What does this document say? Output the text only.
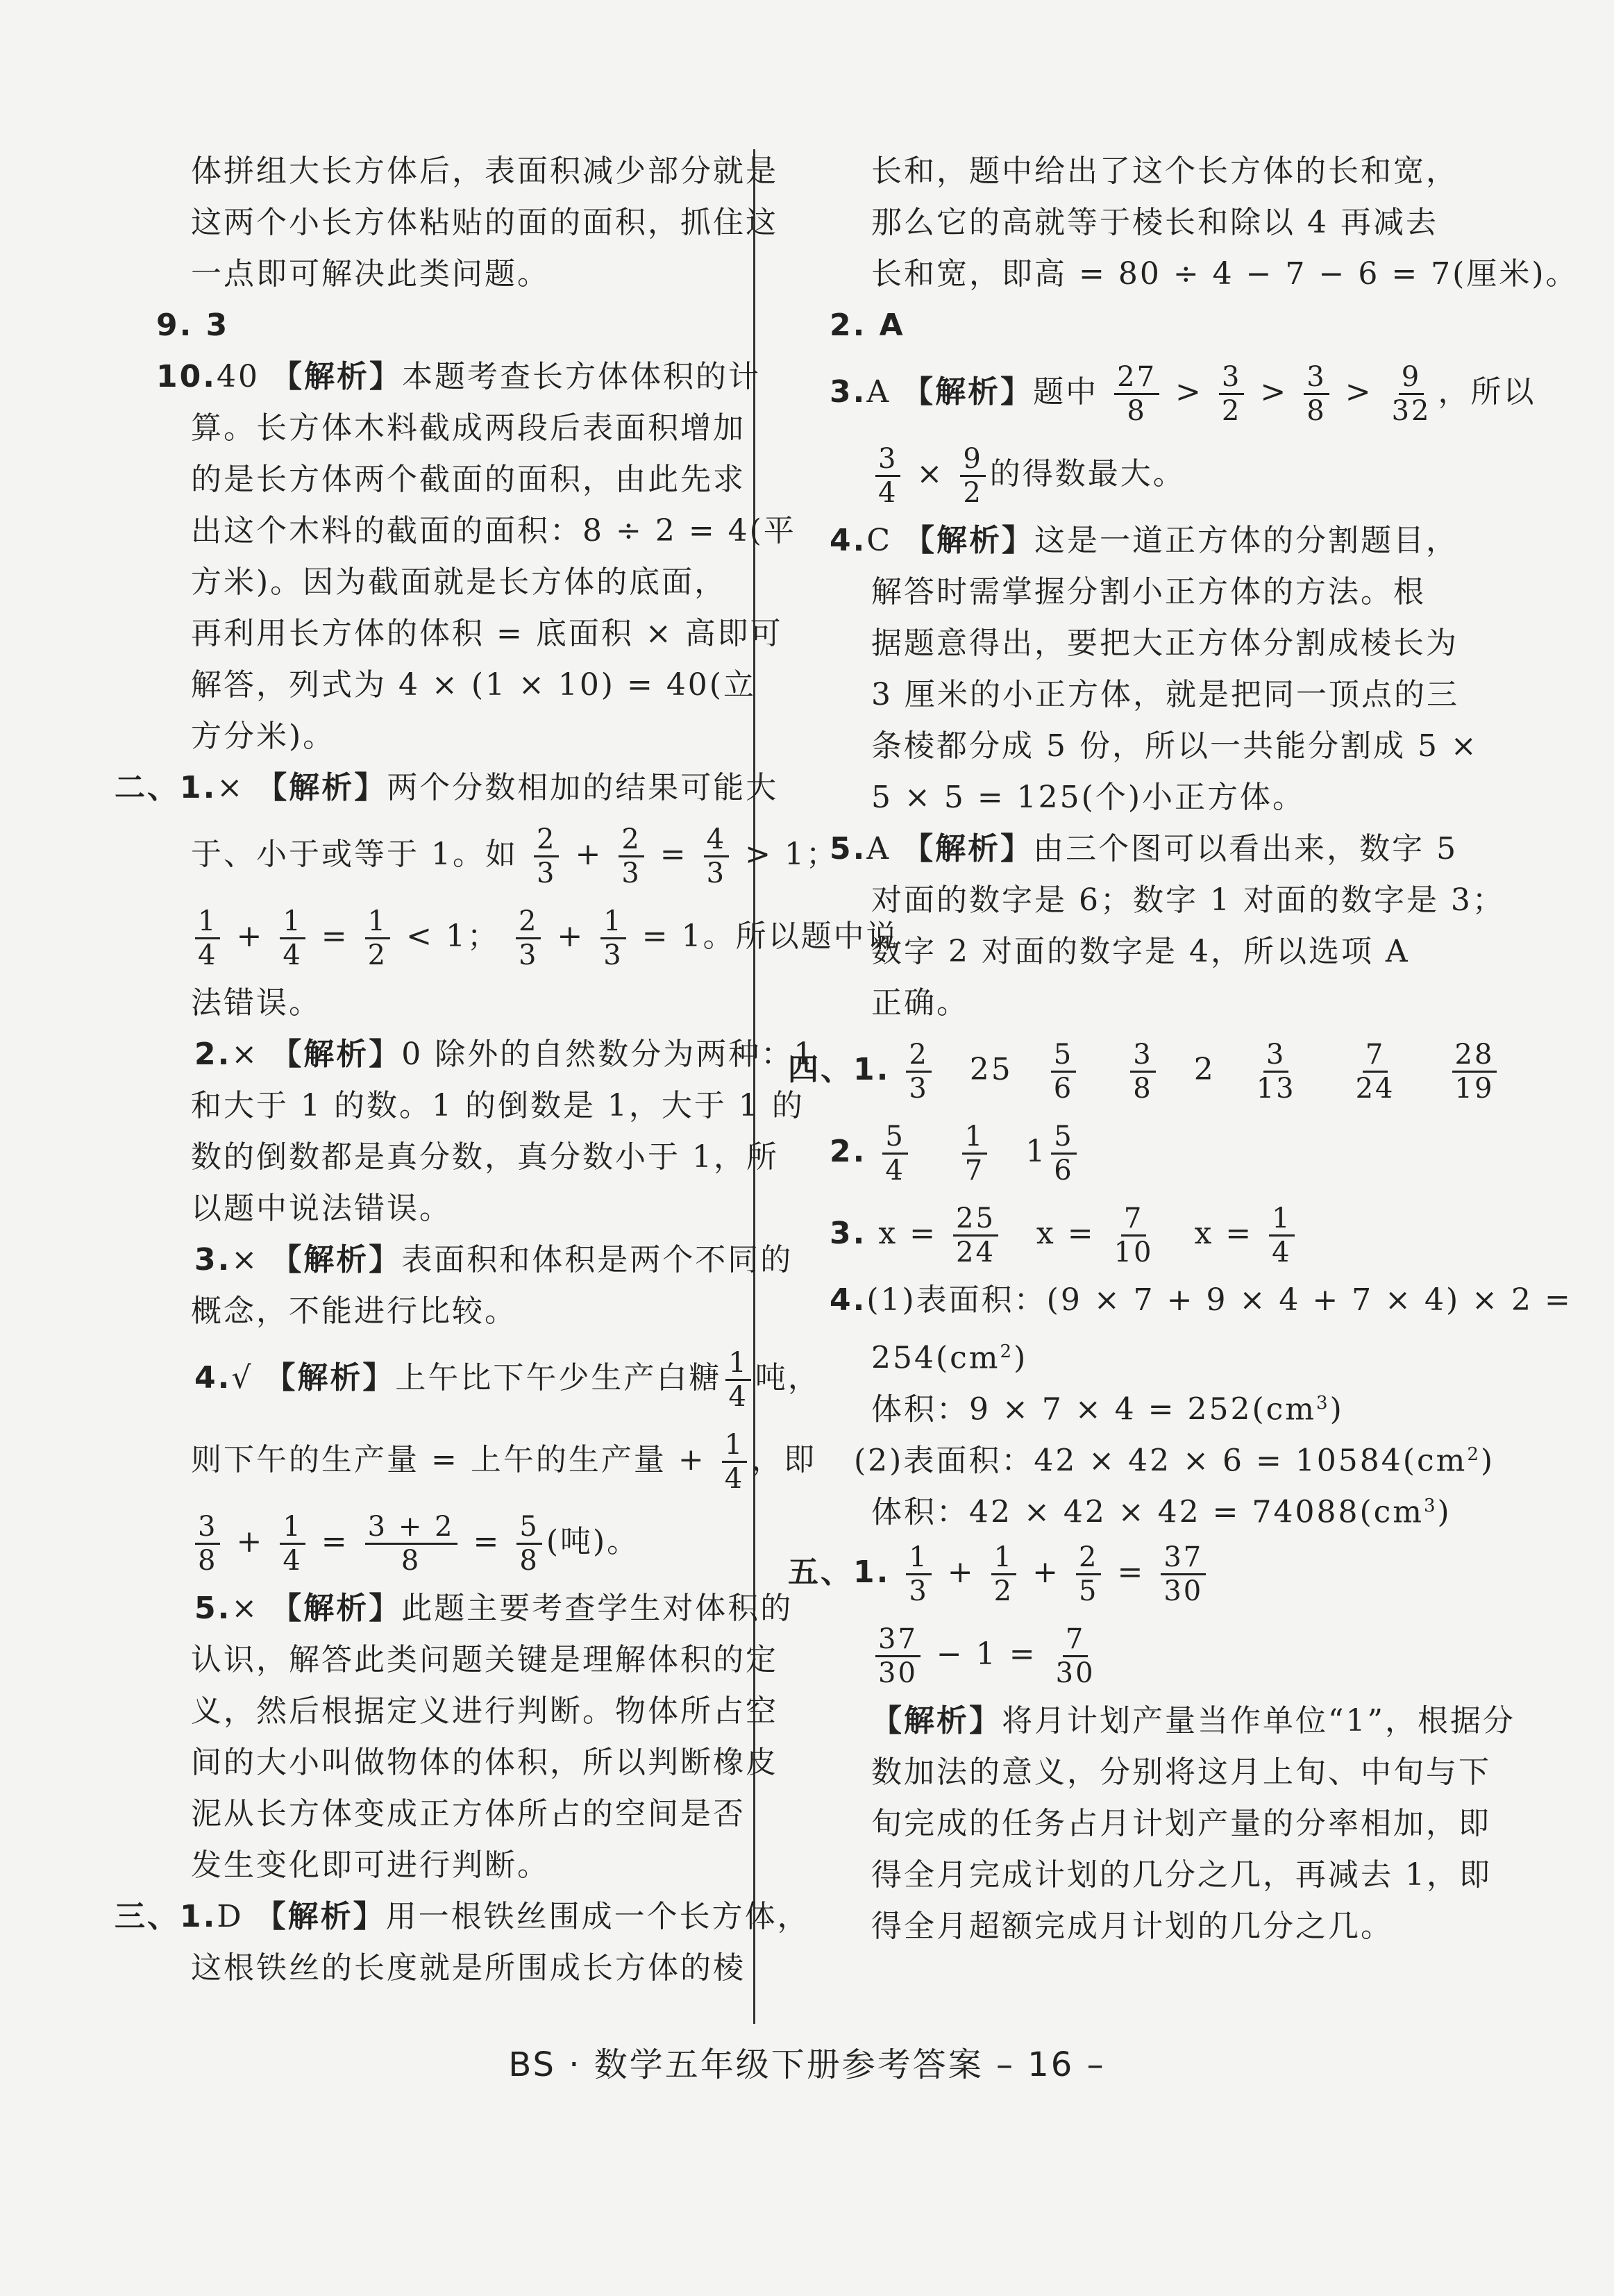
体拼组大长方体后，表面积减少部分就是
这两个小长方体粘贴的面的面积，抓住这
一点即可解决此类问题。
9. 3
10.40 【解析】本题考查长方体体积的计
算。长方体木料截成两段后表面积增加
的是长方体两个截面的面积，由此先求
出这个木料的截面的面积：8 ÷ 2 = 4(平
方米)。因为截面就是长方体的底面，
再利用长方体的体积 = 底面积 × 高即可
解答，列式为 4 × (1 × 10) = 40(立
方分米)。
二、1.× 【解析】两个分数相加的结果可能大
于、小于或等于 1。如 $\frac{2}{3} + \frac{2}{3} = \frac{4}{3} > 1$；
$\frac{1}{4} + \frac{1}{4} = \frac{1}{2} < 1$； $\frac{2}{3} + \frac{1}{3} = 1$。所以题中说
法错误。
2.× 【解析】0 除外的自然数分为两种：1
和大于 1 的数。1 的倒数是 1，大于 1 的
数的倒数都是真分数，真分数小于 1，所
以题中说法错误。
3.× 【解析】表面积和体积是两个不同的
概念，不能进行比较。
4.√ 【解析】上午比下午少生产白糖 $\frac{1}{4}$ 吨，
则下午的生产量 = 上午的生产量 + $\frac{1}{4}$ ，即
$\frac{3}{8} + \frac{1}{4} = \frac{3 + 2}{8} = \frac{5}{8}$ (吨)。
5.× 【解析】此题主要考查学生对体积的
认识，解答此类问题关键是理解体积的定
义，然后根据定义进行判断。物体所占空
间的大小叫做物体的体积，所以判断橡皮
泥从长方体变成正方体所占的空间是否
发生变化即可进行判断。
三、1.D 【解析】用一根铁丝围成一个长方体，
这根铁丝的长度就是所围成长方体的棱
长和，题中给出了这个长方体的长和宽，
那么它的高就等于棱长和除以 4 再减去
长和宽，即高 = 80 ÷ 4 − 7 − 6 = 7(厘米)。
2. A
3.A 【解析】题中 $\frac{27}{8} > \frac{3}{2} > \frac{3}{8} > \frac{9}{32}$ ，所以
$\frac{3}{4} \times \frac{9}{2}$ 的得数最大。
4.C 【解析】这是一道正方体的分割题目，
解答时需掌握分割小正方体的方法。根
据题意得出，要把大正方体分割成棱长为
3 厘米的小正方体，就是把同一顶点的三
条棱都分成 5 份，所以一共能分割成 5 ×
5 × 5 = 125(个)小正方体。
5.A 【解析】由三个图可以看出来，数字 5
对面的数字是 6；数字 1 对面的数字是 3；
数字 2 对面的数字是 4，所以选项 A
正确。
四、1. $\frac{2}{3} 25 \frac{5}{6}$
$\frac{3}{8} 2 \frac{3}{13}$
$\frac{7}{24}$
$\frac{28}{19}$
2. $\frac{5}{4}$
$\frac{1}{7} 1 \frac{5}{6}$
3. $x = \frac{25}{24}$ $x = \frac{7}{10}$ $x = \frac{1}{4}$
4.(1)表面积：(9 × 7 + 9 × 4 + 7 × 4) × 2 =
$254(cm^2)$
体积：$9 \times 7 \times 4 = 252(cm^3)$
(2)表面积：$42 \times 42 \times 6 = 10584(cm^2)$
体积：$42 \times 42 \times 42 = 74088(cm^3)$
五、1. $\frac{1}{3} + \frac{1}{2} + \frac{2}{5} = \frac{37}{30}$
$\frac{37}{30} - 1 = \frac{7}{30}$
【解析】将月计划产量当作单位“1”，根据分
数加法的意义，分别将这月上旬、中旬与下
旬完成的任务占月计划产量的分率相加，即
得全月完成计划的几分之几，再减去 1，即
得全月超额完成月计划的几分之几。
BS · 数学五年级下册参考答案 – 16 –
